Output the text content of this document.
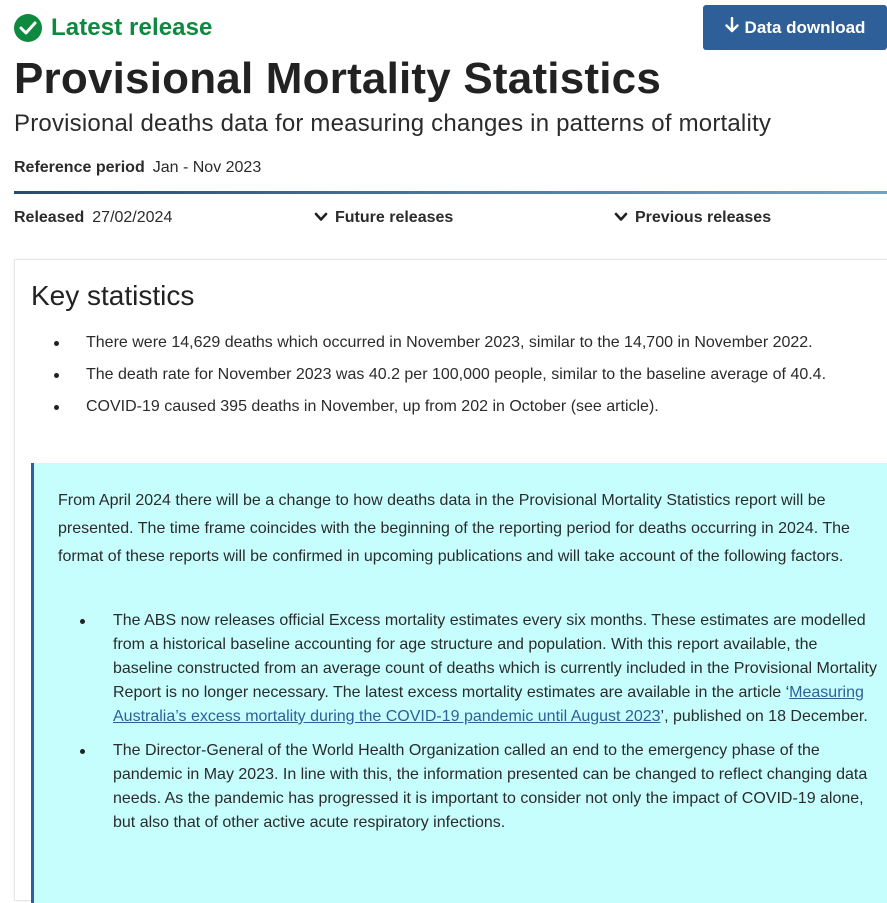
Latest release	Data download
Provisional Mortality Statistics
Provisional deaths data for measuring changes in patterns of mortality
Reference period Jan - Nov 2023
Released 27/02/2024	Future releases	Previous releases
Key statistics
There were 14,629 deaths which occurred in November 2023, similar to the 14,700 in November 2022.
The death rate for November 2023 was 40.2 per 100,000 people, similar to the baseline average of 40.4.
COVID-19 caused 395 deaths in November, up from 202 in October (see article).

From April 2024 there will be a change to how deaths data in the Provisional Mortality Statistics report will be presented. The time frame coincides with the beginning of the reporting period for deaths occurring in 2024. The format of these reports will be confirmed in upcoming publications and will take account of the following factors.

The ABS now releases official Excess mortality estimates every six months. These estimates are modelled from a historical baseline accounting for age structure and population. With this report available, the baseline constructed from an average count of deaths which is currently included in the Provisional Mortality Report is no longer necessary. The latest excess mortality estimates are available in the article ‘Measuring Australia’s excess mortality during the COVID-19 pandemic until August 2023’, published on 18 December.
The Director-General of the World Health Organization called an end to the emergency phase of the pandemic in May 2023. In line with this, the information presented can be changed to reflect changing data needs. As the pandemic has progressed it is important to consider not only the impact of COVID-19 alone, but also that of other active acute respiratory infections.
